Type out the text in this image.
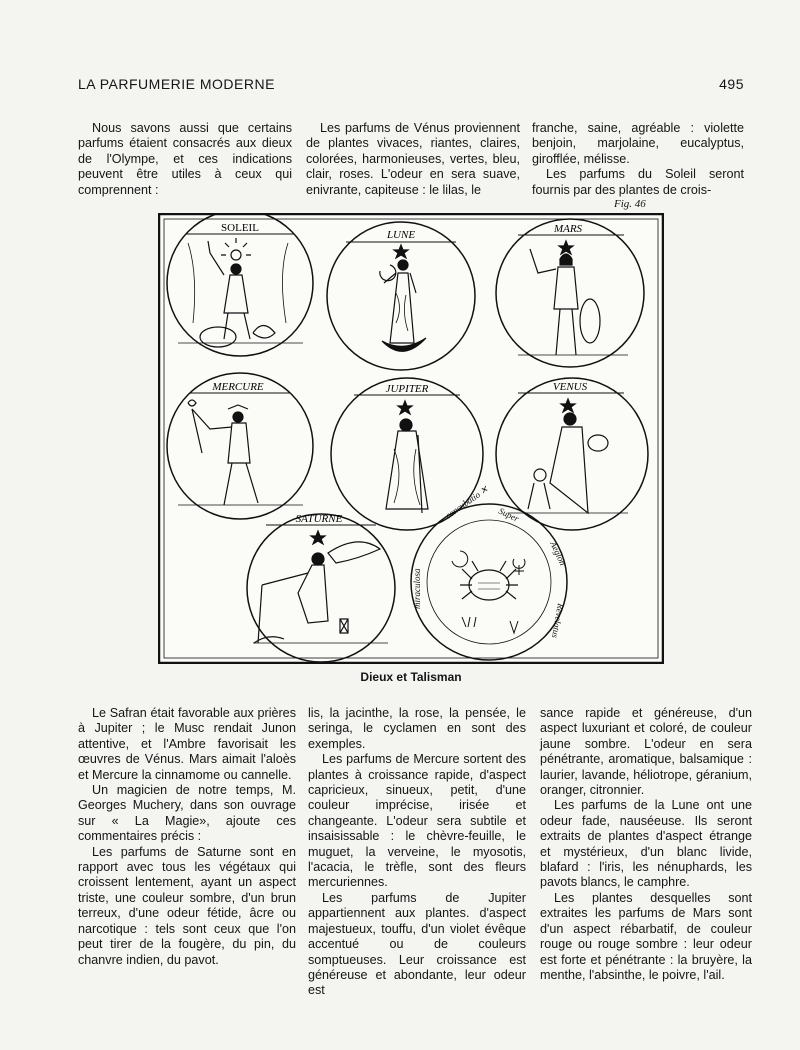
LA PARFUMERIE MODERNE	495

Nous savons aussi que certains parfums étaient consacrés aux dieux de l'Olympe, et ces indications peuvent être utiles à ceux qui comprennent :

Les parfums de Vénus proviennent de plantes vivaces, riantes, claires, colorées, harmonieuses, vertes, bleu, clair, roses. L'odeur en sera suave, enivrante, capiteuse : le lilas, le

franche, saine, agréable : violette benjoin, marjolaine, eucalyptus, girofflée, mélisse.

Les parfums du Soleil seront fournis par des plantes de crois-

Fig. 46
SOLEIL
LUNE	MARS
MERCURE	JUPITER	VENUS
SATURNE	concubatio ✕ Super
Aeglon
Revelatus
miraculosa
Dieux et Talisman

Le Safran était favorable aux prières à Jupiter ; le Musc rendait Junon attentive, et l'Ambre favorisait les œuvres de Vénus. Mars aimait l'aloès et Mercure la cinnamome ou cannelle.

Un magicien de notre temps, M. Georges Muchery, dans son ouvrage sur « La Magie», ajoute ces commentaires précis :

Les parfums de Saturne sont en rapport avec tous les végétaux qui croissent lentement, ayant un aspect triste, une couleur sombre, d'un brun terreux, d'une odeur fétide, âcre ou narcotique : tels sont ceux que l'on peut tirer de la fougère, du pin, du chanvre indien, du pavot.

lis, la jacinthe, la rose, la pensée, le seringa, le cyclamen en sont des exemples.

Les parfums de Mercure sortent des plantes à croissance rapide, d'aspect capricieux, sinueux, petit, d'une couleur imprécise, irisée et changeante. L'odeur sera subtile et insaisissable : le chèvre-feuille, le muguet, la verveine, le myosotis, l'acacia, le trèfle, sont des fleurs mercuriennes.

Les parfums de Jupiter appartiennent aux plantes. d'aspect majestueux, touffu, d'un violet évêque accentué ou de couleurs somptueuses. Leur croissance est généreuse et abondante, leur odeur est

sance rapide et généreuse, d'un aspect luxuriant et coloré, de couleur jaune sombre. L'odeur en sera pénétrante, aromatique, balsamique : laurier, lavande, héliotrope, géranium, oranger, citronnier.

Les parfums de la Lune ont une odeur fade, nauséeuse. Ils seront extraits de plantes d'aspect étrange et mystérieux, d'un blanc livide, blafard : l'iris, les nénuphards, les pavots blancs, le camphre.

Les plantes desquelles sont extraites les parfums de Mars sont d'un aspect rébarbatif, de couleur rouge ou rouge sombre : leur odeur est forte et pénétrante : la bruyère, la menthe, l'absinthe, le poivre, l'ail.
